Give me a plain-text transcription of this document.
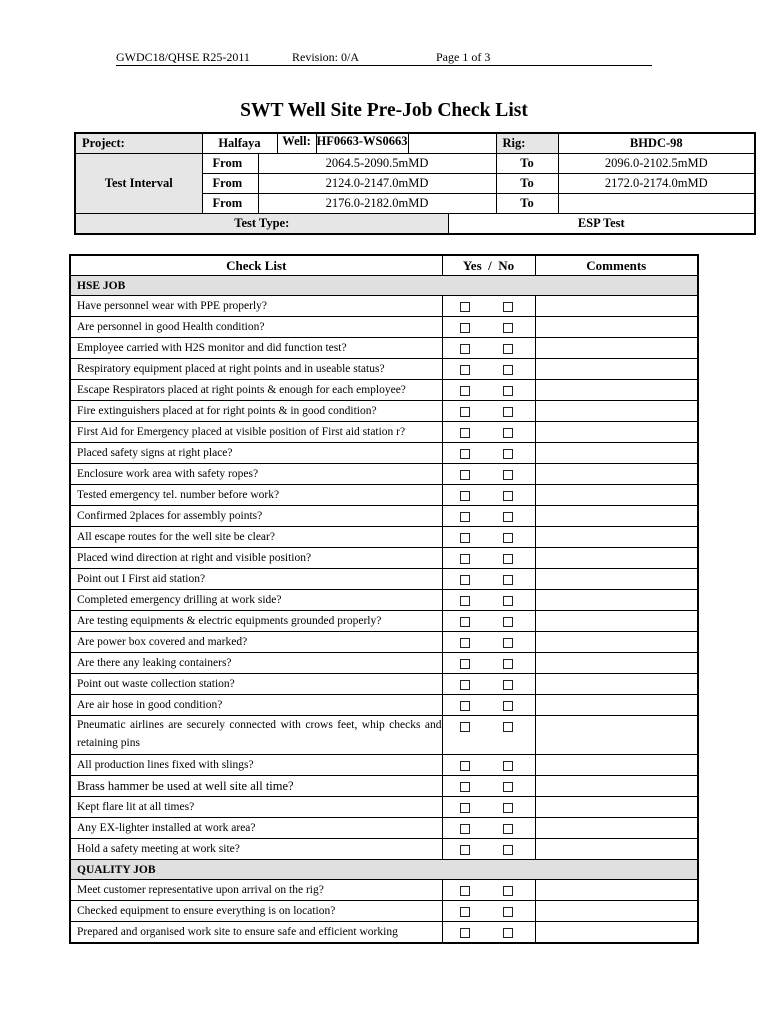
GWDC18/QHSE R25-2011	Revision: 0/A	Page 1 of 3
SWT Well Site Pre-Job Check List
Project:	Halfaya		Well: HF0663-WS0663			Rig:	BHDC-98
Test Interval	From	2064.5-2090.5mMD				To	2096.0-2102.5mMD
	From	2124.0-2147.0mMD				To	2172.0-2174.0mMD
	From	2176.0-2182.0mMD				To	
Test Type:					ESP Test		
Check List	Yes  /  No	Comments
HSE JOB		
Have personnel wear with PPE properly?		
Are personnel in good Health condition?		
Employee carried with H2S monitor and did function test?		
Respiratory equipment placed at right points and in useable status?		
Escape Respirators placed at right points & enough for each employee?		
Fire extinguishers placed at for right points & in good condition?		
First Aid for Emergency placed at visible position of First aid station r?		
Placed safety signs at right place?		
Enclosure work area with safety ropes?		
Tested emergency tel. number before work?		
Confirmed 2places for assembly points?		
All escape routes for the well site be clear?		
Placed wind direction at right and visible position?		
Point out I First aid station?		
Completed emergency drilling at work side?		
Are testing equipments & electric equipments grounded properly?		
Are power box covered and marked?		
Are there any leaking containers?		
Point out waste collection station?		
Are air hose in good condition?		
Pneumatic airlines are securely connected with crows feet, whip checks and retaining pins		
All production lines fixed with slings?		
Brass hammer be used at well site all time?		
Kept flare lit at all times?		
Any EX-lighter installed at work area?		
Hold a safety meeting at work site?		
QUALITY JOB		
Meet customer representative upon arrival on the rig?		
Checked equipment to ensure everything is on location?		
Prepared and organised work site to ensure safe and efficient working		
